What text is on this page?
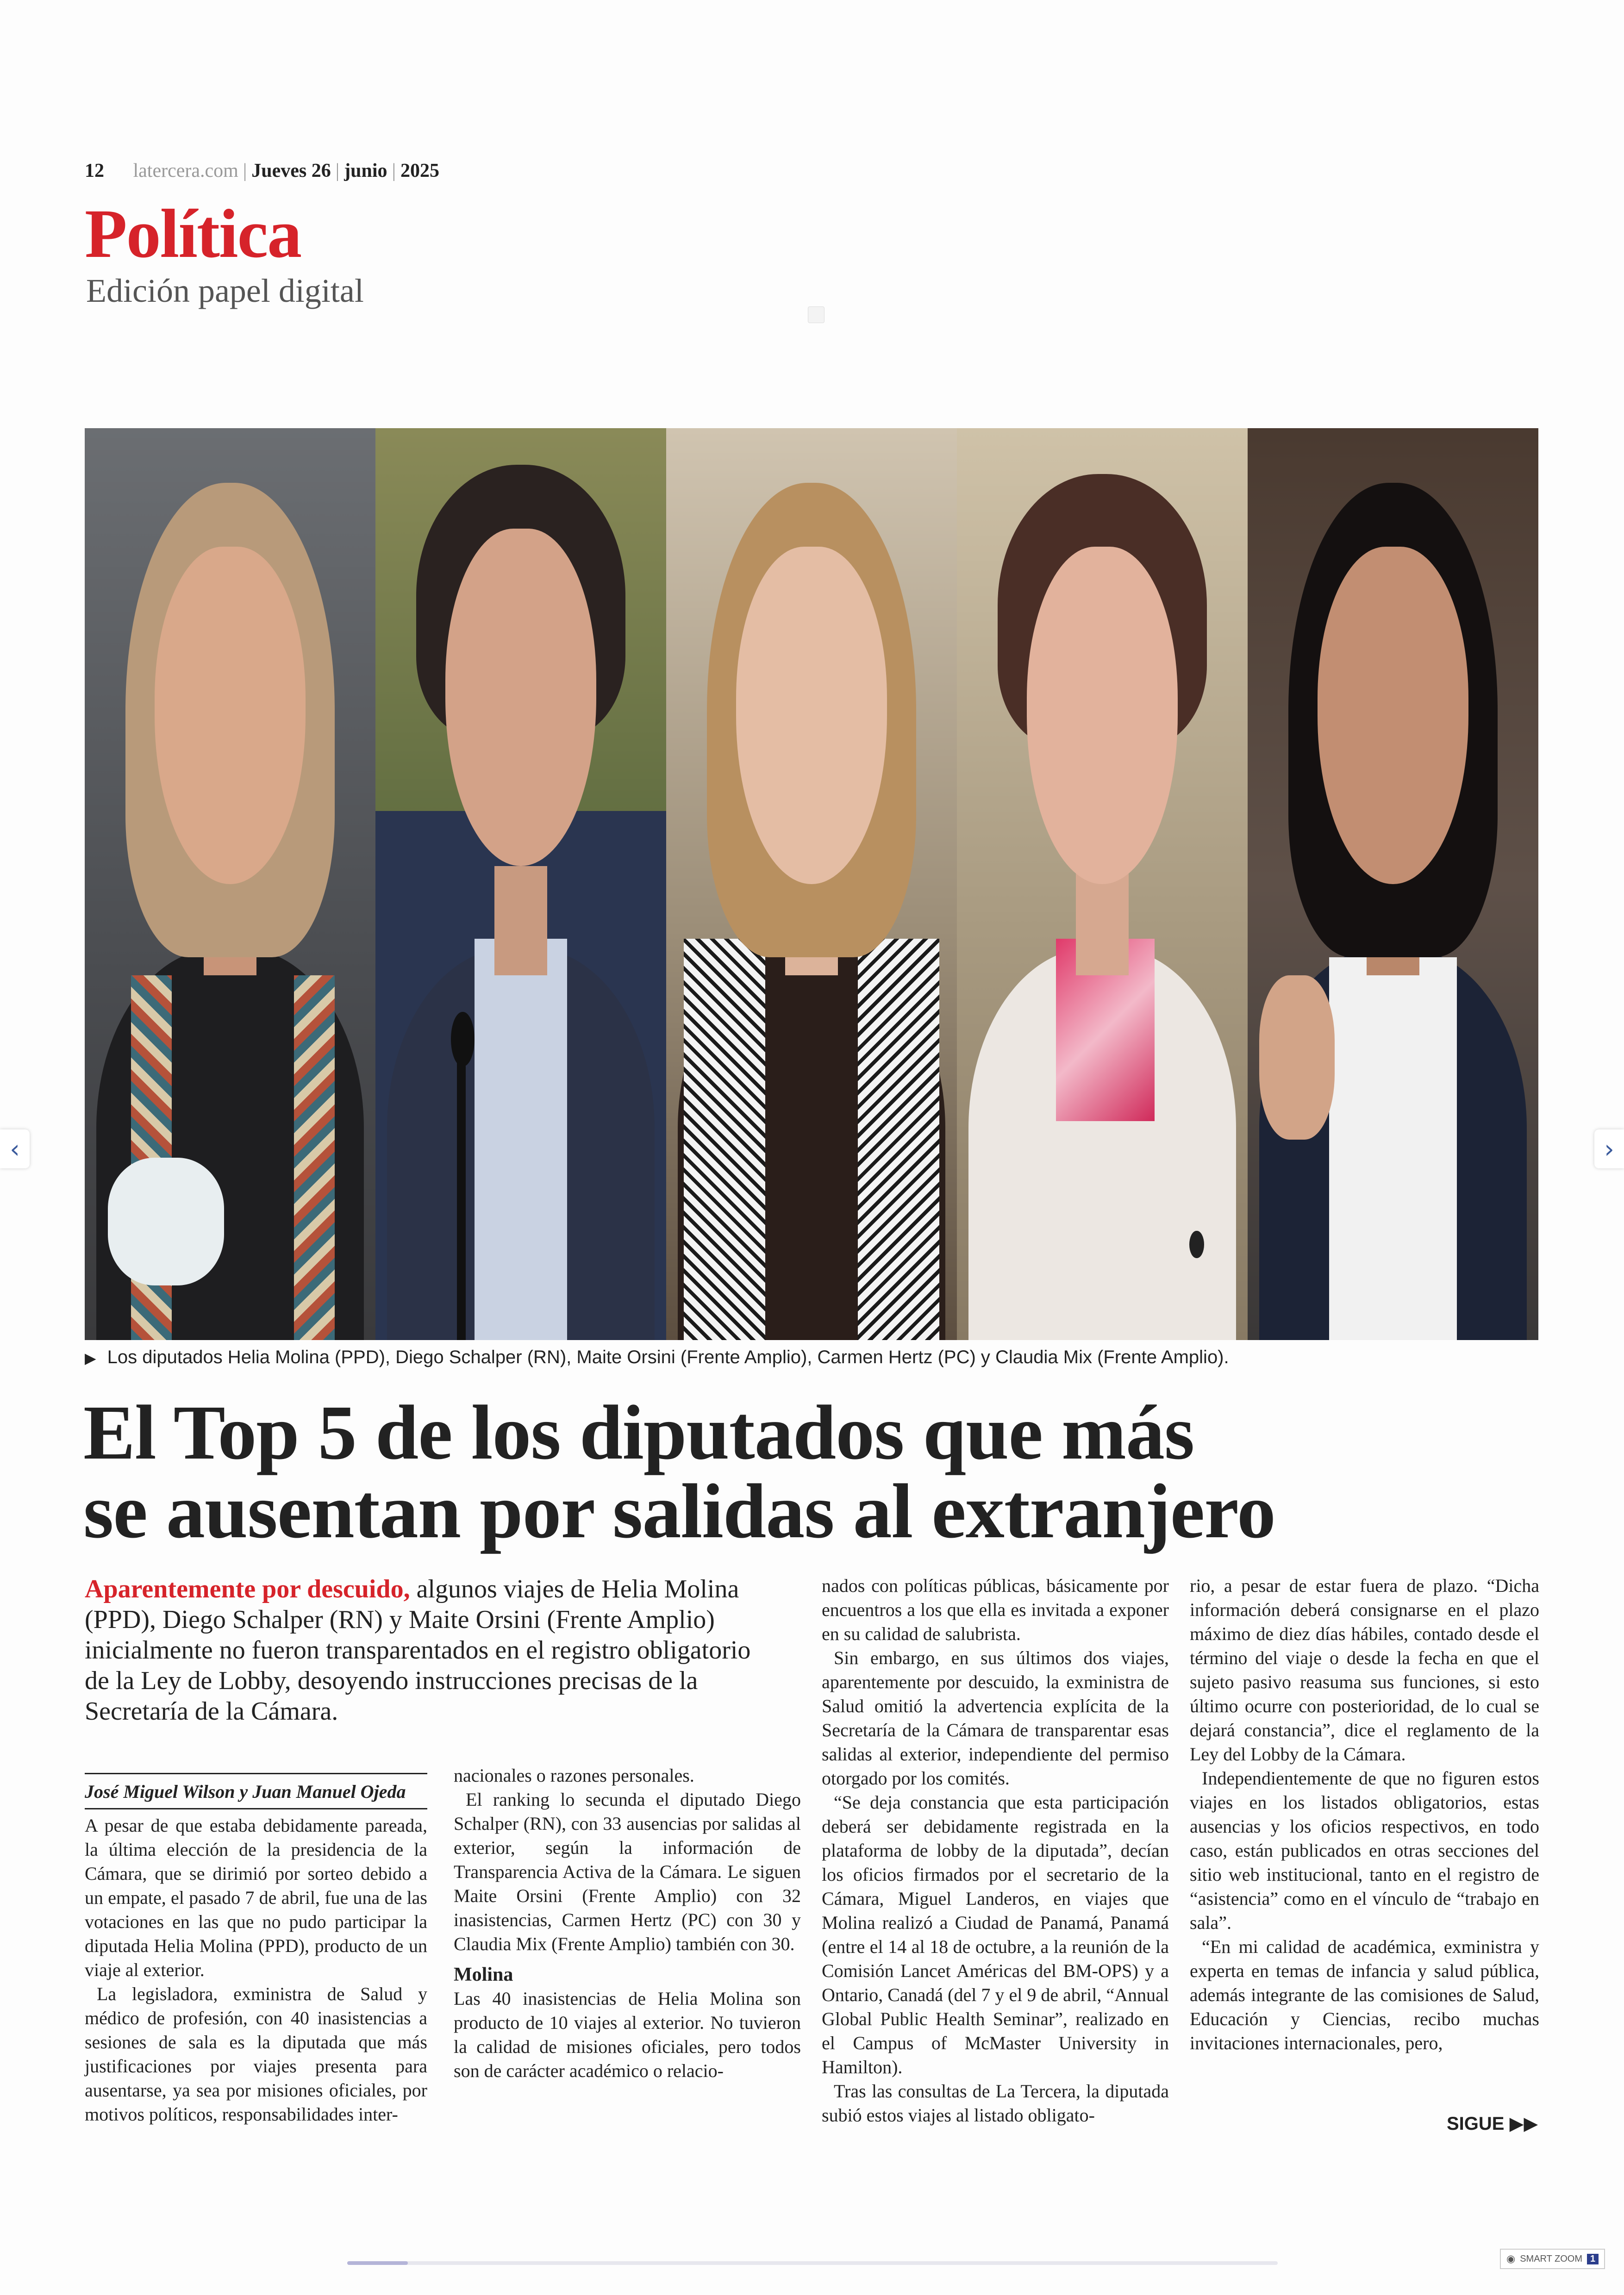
12 latercera.com | Jueves 26 | junio | 2025
Política
Edición papel digital
▶ Los diputados Helia Molina (PPD), Diego Schalper (RN), Maite Orsini (Frente Amplio), Carmen Hertz (PC) y Claudia Mix (Frente Amplio).
El Top 5 de los diputados que más
se ausentan por salidas al extranjero
Aparentemente por descuido, algunos viajes de Helia Molina (PPD), Diego Schalper (RN) y Maite Orsini (Frente Amplio) inicialmente no fueron transparentados en el registro obligatorio de la Ley de Lobby, desoyendo instrucciones precisas de la Secretaría de la Cámara.
José Miguel Wilson y Juan Manuel Ojeda

A pesar de que estaba debidamente pareada, la última elección de la presidencia de la Cámara, que se dirimió por sorteo debido a un empate, el pasado 7 de abril, fue una de las votaciones en las que no pudo participar la diputada Helia Molina (PPD), producto de un viaje al exterior.

La legisladora, exministra de Salud y médico de profesión, con 40 inasistencias a sesiones de sala es la diputada que más justificaciones por viajes presenta para ausentarse, ya sea por misiones oficiales, por motivos políticos, responsabilidades inter-

nacionales o razones personales.

El ranking lo secunda el diputado Diego Schalper (RN), con 33 ausencias por salidas al exterior, según la información de Transparencia Activa de la Cámara. Le siguen Maite Orsini (Frente Amplio) con 32 inasistencias, Carmen Hertz (PC) con 30 y Claudia Mix (Frente Amplio) también con 30.

Molina

Las 40 inasistencias de Helia Molina son producto de 10 viajes al exterior. No tuvieron la calidad de misiones oficiales, pero todos son de carácter académico o relacio-

nados con políticas públicas, básicamente por encuentros a los que ella es invitada a exponer en su calidad de salubrista.

Sin embargo, en sus últimos dos viajes, aparentemente por descuido, la exministra de Salud omitió la advertencia explícita de la Secretaría de la Cámara de transparentar esas salidas al exterior, independiente del permiso otorgado por los comités.

“Se deja constancia que esta participación deberá ser debidamente registrada en la plataforma de lobby de la diputada”, decían los oficios firmados por el secretario de la Cámara, Miguel Landeros, en viajes que Molina realizó a Ciudad de Panamá, Panamá (entre el 14 al 18 de octubre, a la reunión de la Comisión Lancet Américas del BM-OPS) y a Ontario, Canadá (del 7 y el 9 de abril, “Annual Global Public Health Seminar”, realizado en el Campus of McMaster University in Hamilton).

Tras las consultas de La Tercera, la diputada subió estos viajes al listado obligato-

rio, a pesar de estar fuera de plazo. “Dicha información deberá consignarse en el plazo máximo de diez días hábiles, contado desde el término del viaje o desde la fecha en que el sujeto pasivo reasuma sus funciones, si esto último ocurre con posterioridad, de lo cual se dejará constancia”, dice el reglamento de la Ley del Lobby de la Cámara.

Independientemente de que no figuren estos viajes en los listados obligatorios, estas ausencias y los oficios respectivos, en todo caso, están publicados en otras secciones del sitio web institucional, tanto en el registro de “asistencia” como en el vínculo de “trabajo en sala”.

“En mi calidad de académica, exministra y experta en temas de infancia y salud pública, además integrante de las comisiones de Salud, Educación y Ciencias, recibo muchas invitaciones internacionales, pero,

SIGUE ▶▶
‹	›
◉ SMART ZOOM 1
